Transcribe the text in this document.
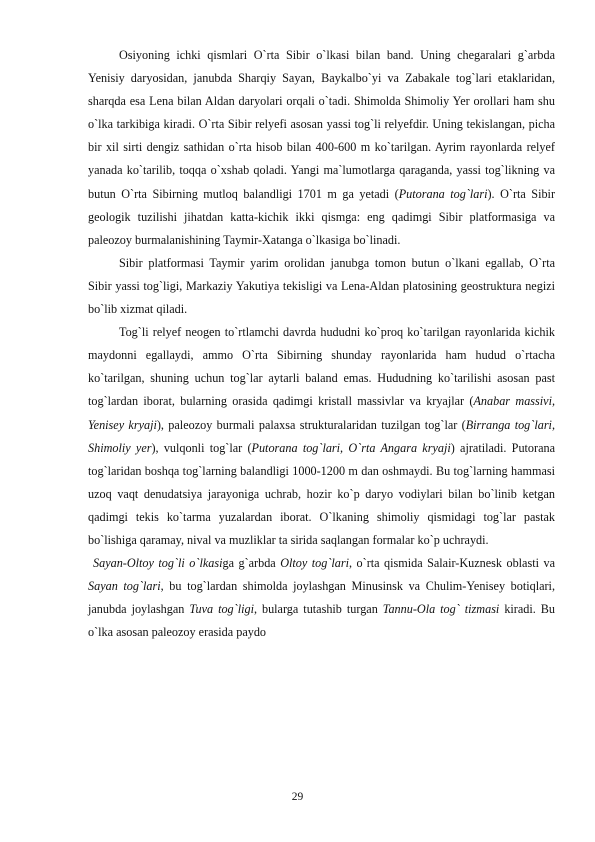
Osiyoning ichki qismlari O`rta Sibir o`lkasi bilan band. Uning chegaralari g`arbda Yenisiy daryosidan, janubda Sharqiy Sayan, Baykalbo`yi va Zabakale tog`lari etaklaridan, sharqda esa Lena bilan Aldan daryolari orqali o`tadi. Shimolda Shimoliy Yer orollari ham shu o`lka tarkibiga kiradi. O`rta Sibir relyefi asosan yassi tog`li relyefdir. Uning tekislangan, picha bir xil sirti dengiz sathidan o`rta hisob bilan 400-600 m ko`tarilgan. Ayrim rayonlarda relyef yanada ko`tarilib, toqqa o`xshab qoladi. Yangi ma`lumotlarga qaraganda, yassi tog`likning va butun O`rta Sibirning mutloq balandligi 1701 m ga yetadi (Putorana tog`lari). O`rta Sibir geologik tuzilishi jihatdan katta-kichik ikki qismga: eng qadimgi Sibir platformasiga va paleozoy burmalanishining Taymir-Xatanga o`lkasiga bo`linadi.

Sibir platformasi Taymir yarim orolidan janubga tomon butun o`lkani egallab, O`rta Sibir yassi tog`ligi, Markaziy Yakutiya tekisligi va Lena-Aldan platosining geostruktura negizi bo`lib xizmat qiladi.

Tog`li relyef neogen to`rtlamchi davrda hududni ko`proq ko`tarilgan rayonlarida kichik maydonni egallaydi, ammo O`rta Sibirning shunday rayonlarida ham hudud o`rtacha ko`tarilgan, shuning uchun tog`lar aytarli baland emas. Hududning ko`tarilishi asosan past tog`lardan iborat, bularning orasida qadimgi kristall massivlar va kryajlar (Anabar massivi, Yenisey kryaji), paleozoy burmali palaxsa strukturalaridan tuzilgan tog`lar (Birranga tog`lari, Shimoliy yer), vulqonli tog`lar (Putorana tog`lari, O`rta Angara kryaji) ajratiladi. Putorana tog`laridan boshqa tog`larning balandligi 1000-1200 m dan oshmaydi. Bu tog`larning hammasi uzoq vaqt denudatsiya jarayoniga uchrab, hozir ko`p daryo vodiylari bilan bo`linib ketgan qadimgi tekis ko`tarma yuzalardan iborat. O`lkaning shimoliy qismidagi tog`lar pastak bo`lishiga qaramay, nival va muzliklar ta sirida saqlangan formalar ko`p uchraydi.

Sayan-Oltoy tog`li o`lkasiga g`arbda Oltoy tog`lari, o`rta qismida Salair-Kuznesk oblasti va Sayan tog`lari, bu tog`lardan shimolda joylashgan Minusinsk va Chulim-Yenisey botiqlari, janubda joylashgan Tuva tog`ligi, bularga tutashib turgan Tannu-Ola tog` tizmasi kiradi. Bu o`lka asosan paleozoy erasida paydo

29
